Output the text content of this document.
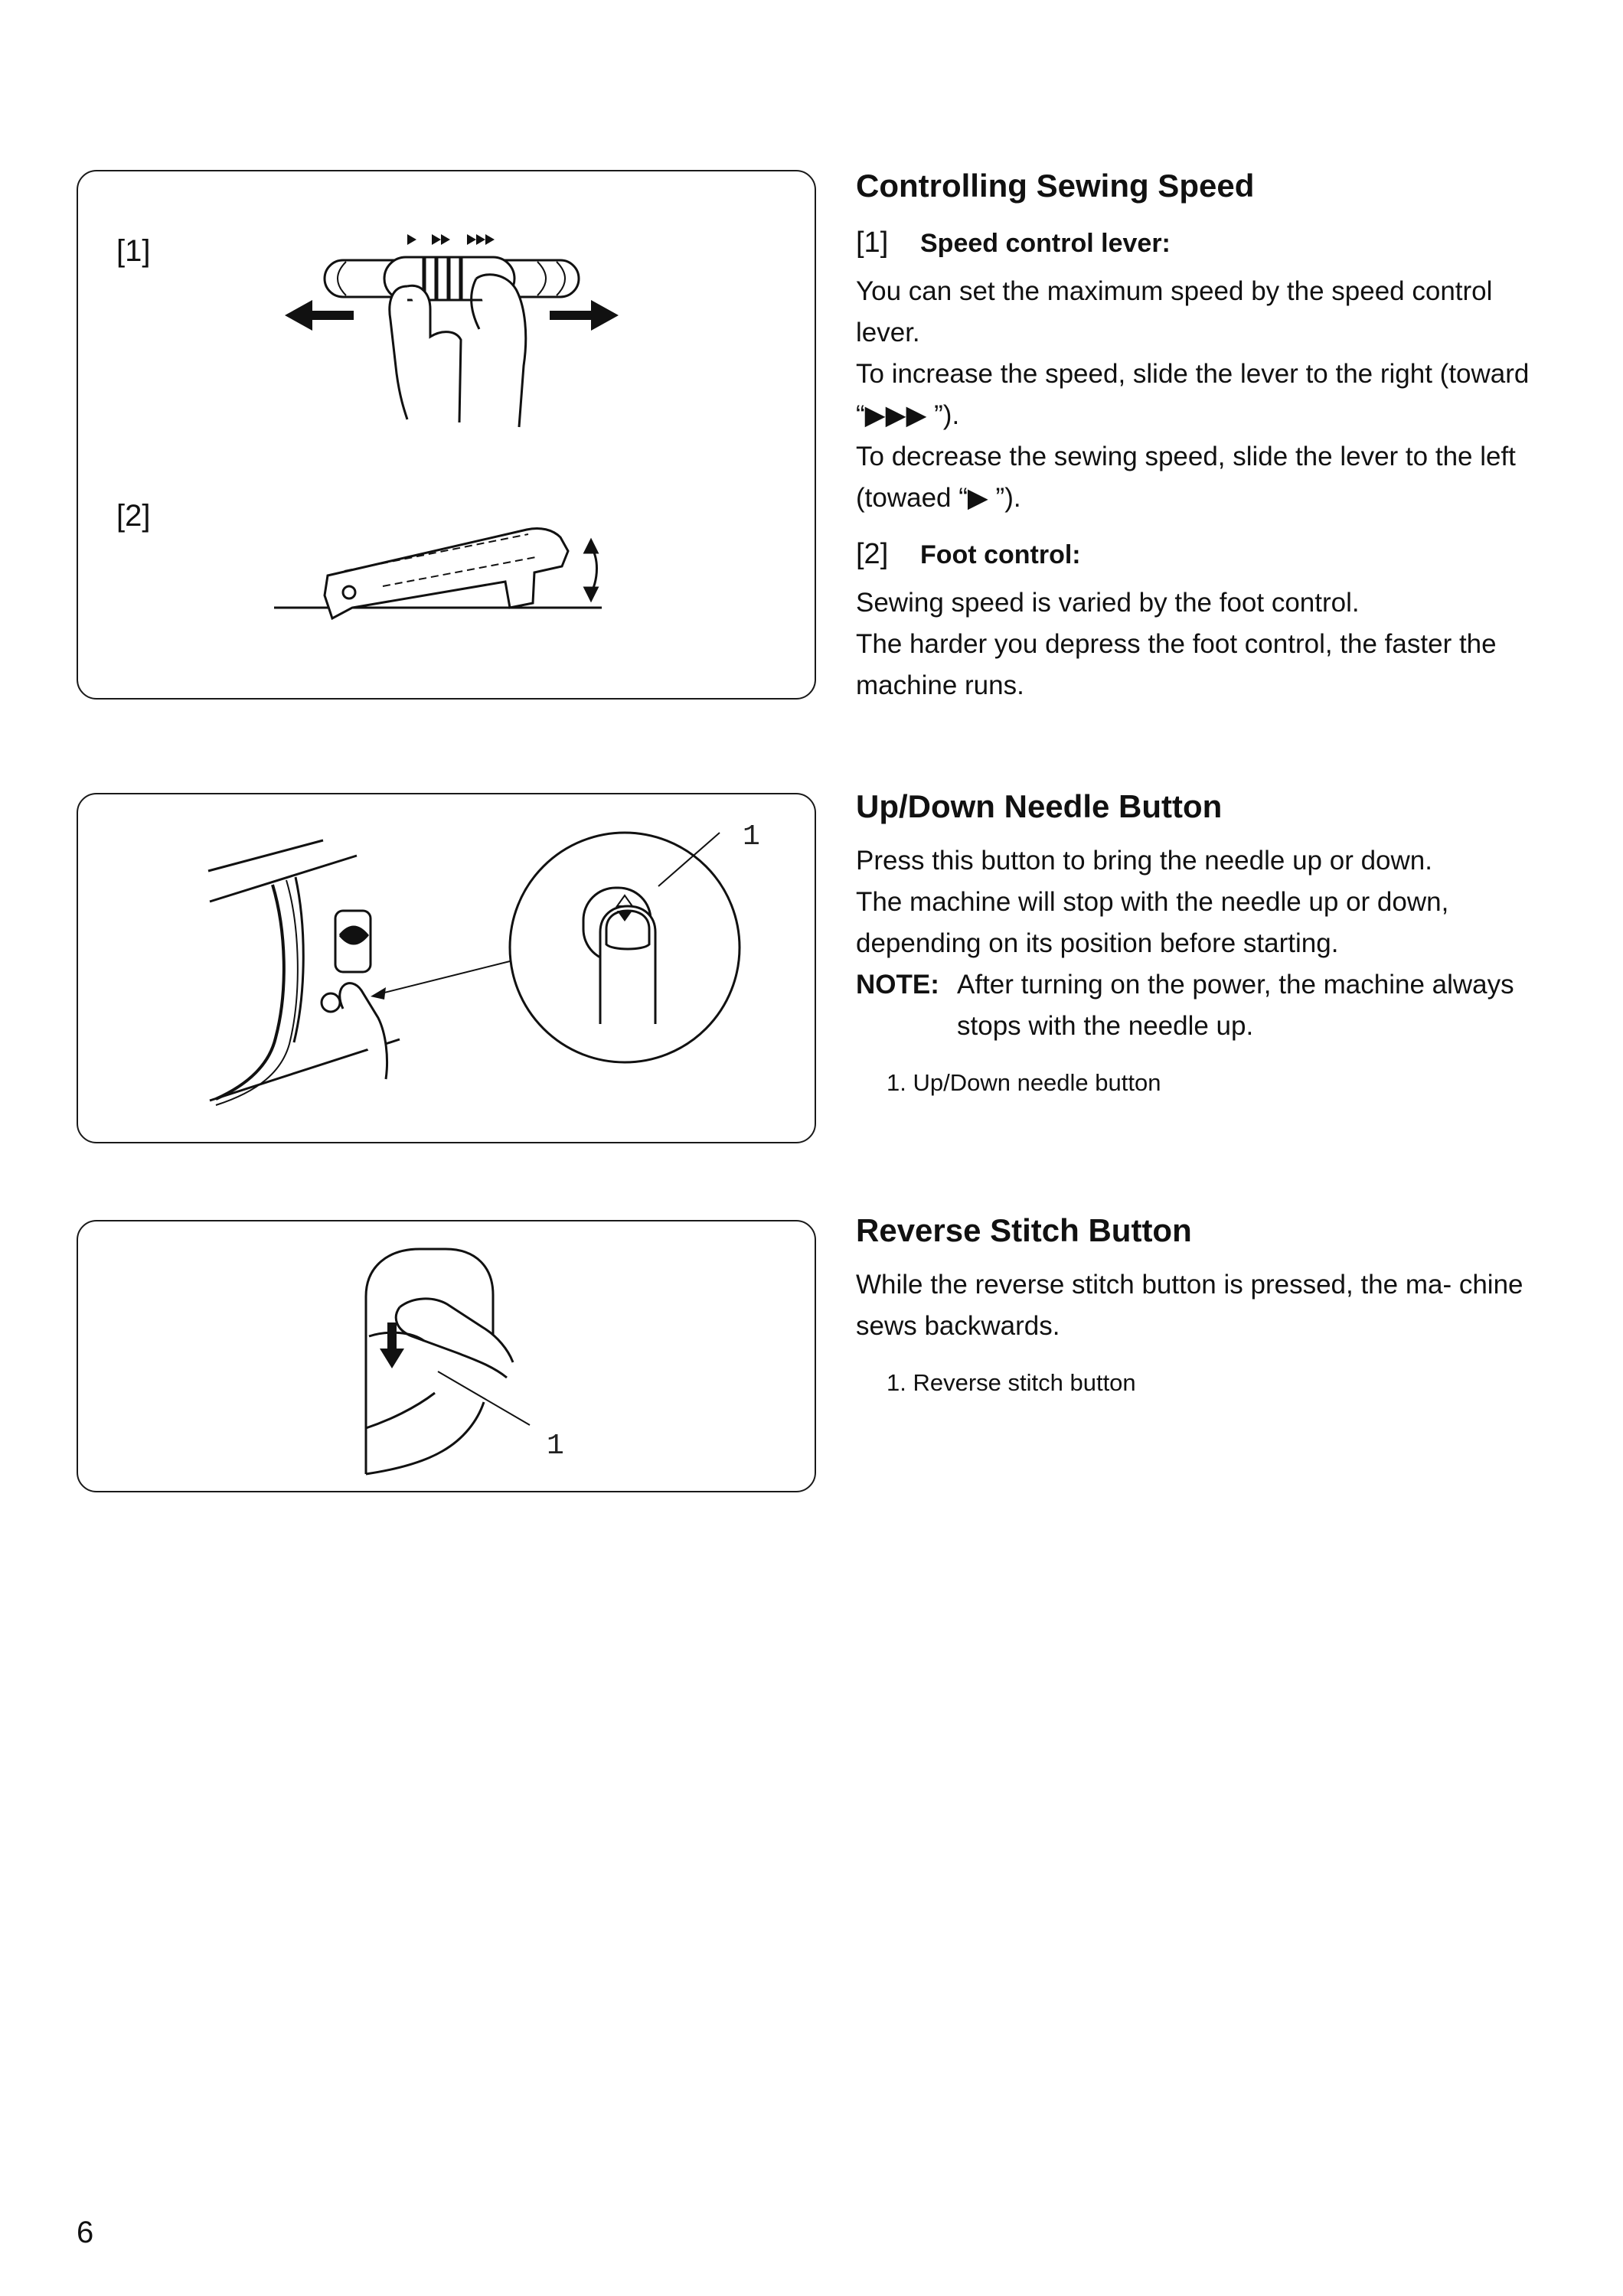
[1]
[2]
Controlling Sewing Speed
[1]	Speed control lever:

You can set the maximum speed by the speed control lever.

To increase the speed, slide the lever to the right (toward “▶▶▶ ”).

To decrease the sewing speed, slide the lever to the left (towaed “▶ ”).

[2]	Foot control:

Sewing speed is varied by the foot control.

The harder you depress the foot control, the faster the machine runs.

1
Up/Down Needle Button

Press this button to bring the needle up or down.

The machine will stop with the needle up or down, depending on its position before starting.

NOTE: After turning on the power, the machine always stops with the needle up.
1. Up/Down needle button
1
Reverse Stitch Button

While the reverse stitch button is pressed, the ma- chine sews backwards.

1. Reverse stitch button
6
